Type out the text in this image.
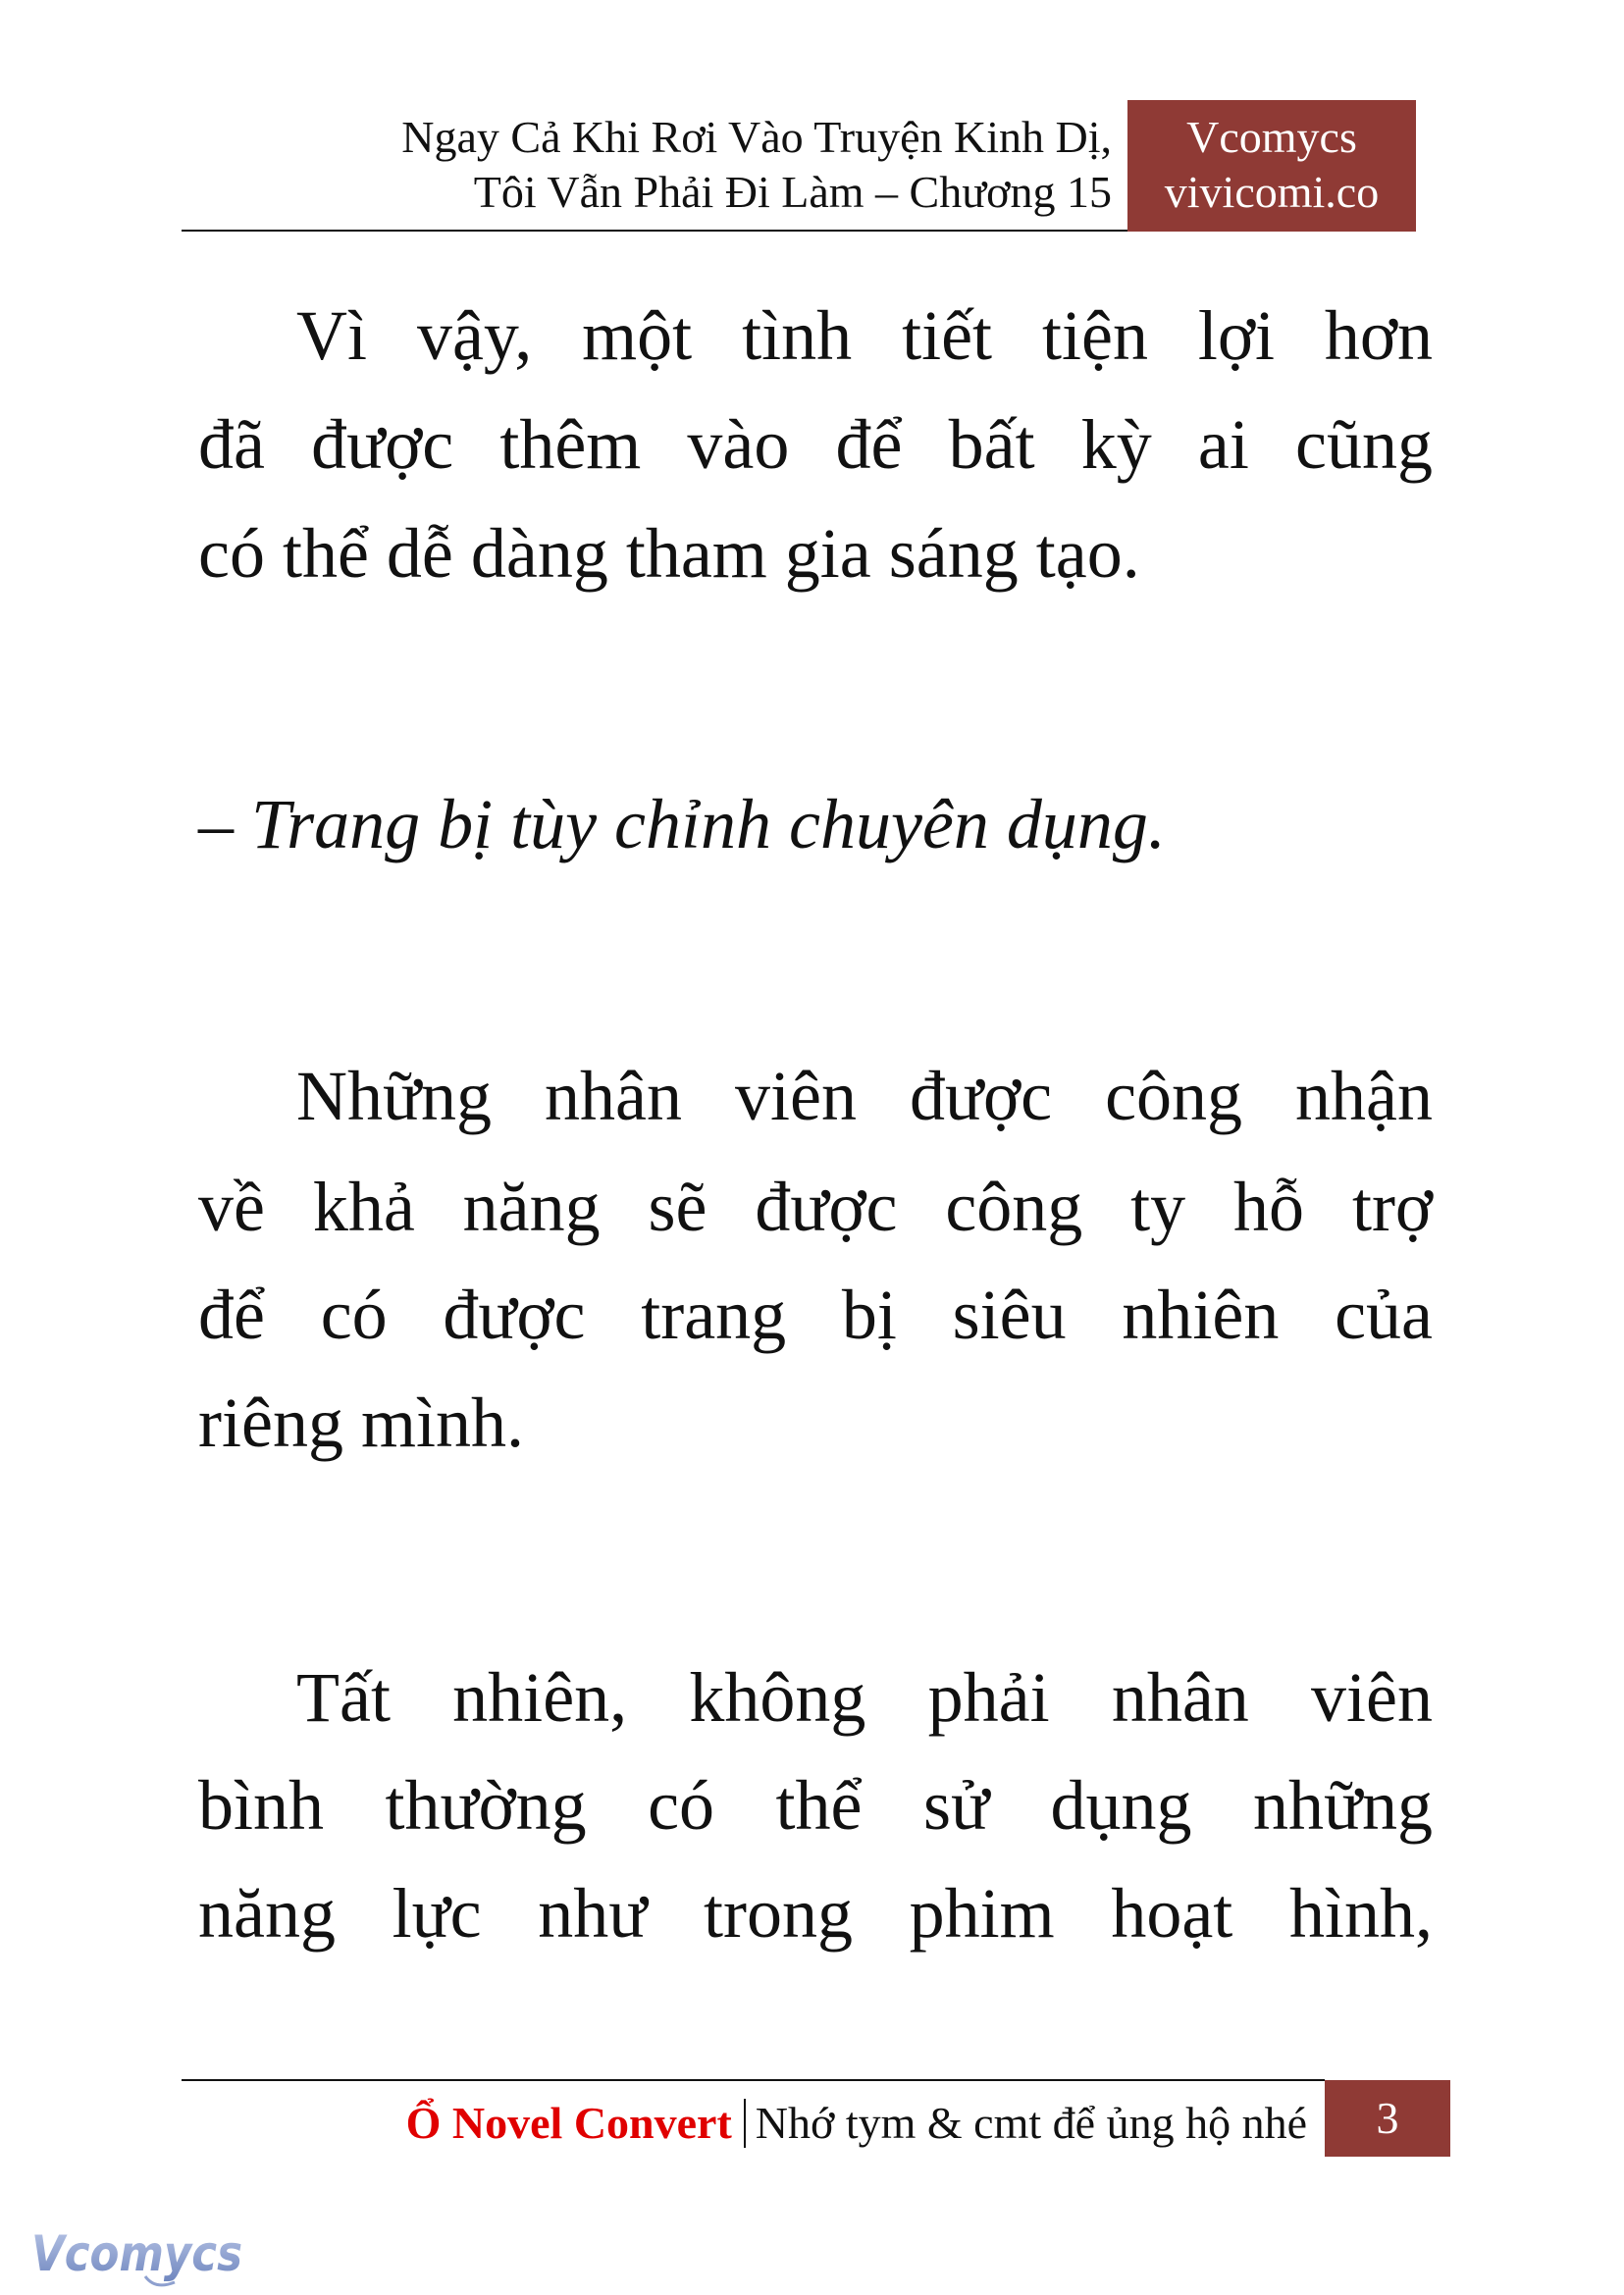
Ngay Cả Khi Rơi Vào Truyện Kinh Dị,
Tôi Vẫn Phải Đi Làm – Chương 15
Vcomycs
vivicomi.co
Vì vậy, một tình tiết tiện lợi hơn
đã được thêm vào để bất kỳ ai cũng
có thể dễ dàng tham gia sáng tạo.
– Trang bị tùy chỉnh chuyên dụng.
Những nhân viên được công nhận
về khả năng sẽ được công ty hỗ trợ
để có được trang bị siêu nhiên của
riêng mình.
Tất nhiên, không phải nhân viên
bình thường có thể sử dụng những
năng lực như trong phim hoạt hình,
Ổ Novel Convert Nhớ tym & cmt để ủng hộ nhé	3
Vcomycs
